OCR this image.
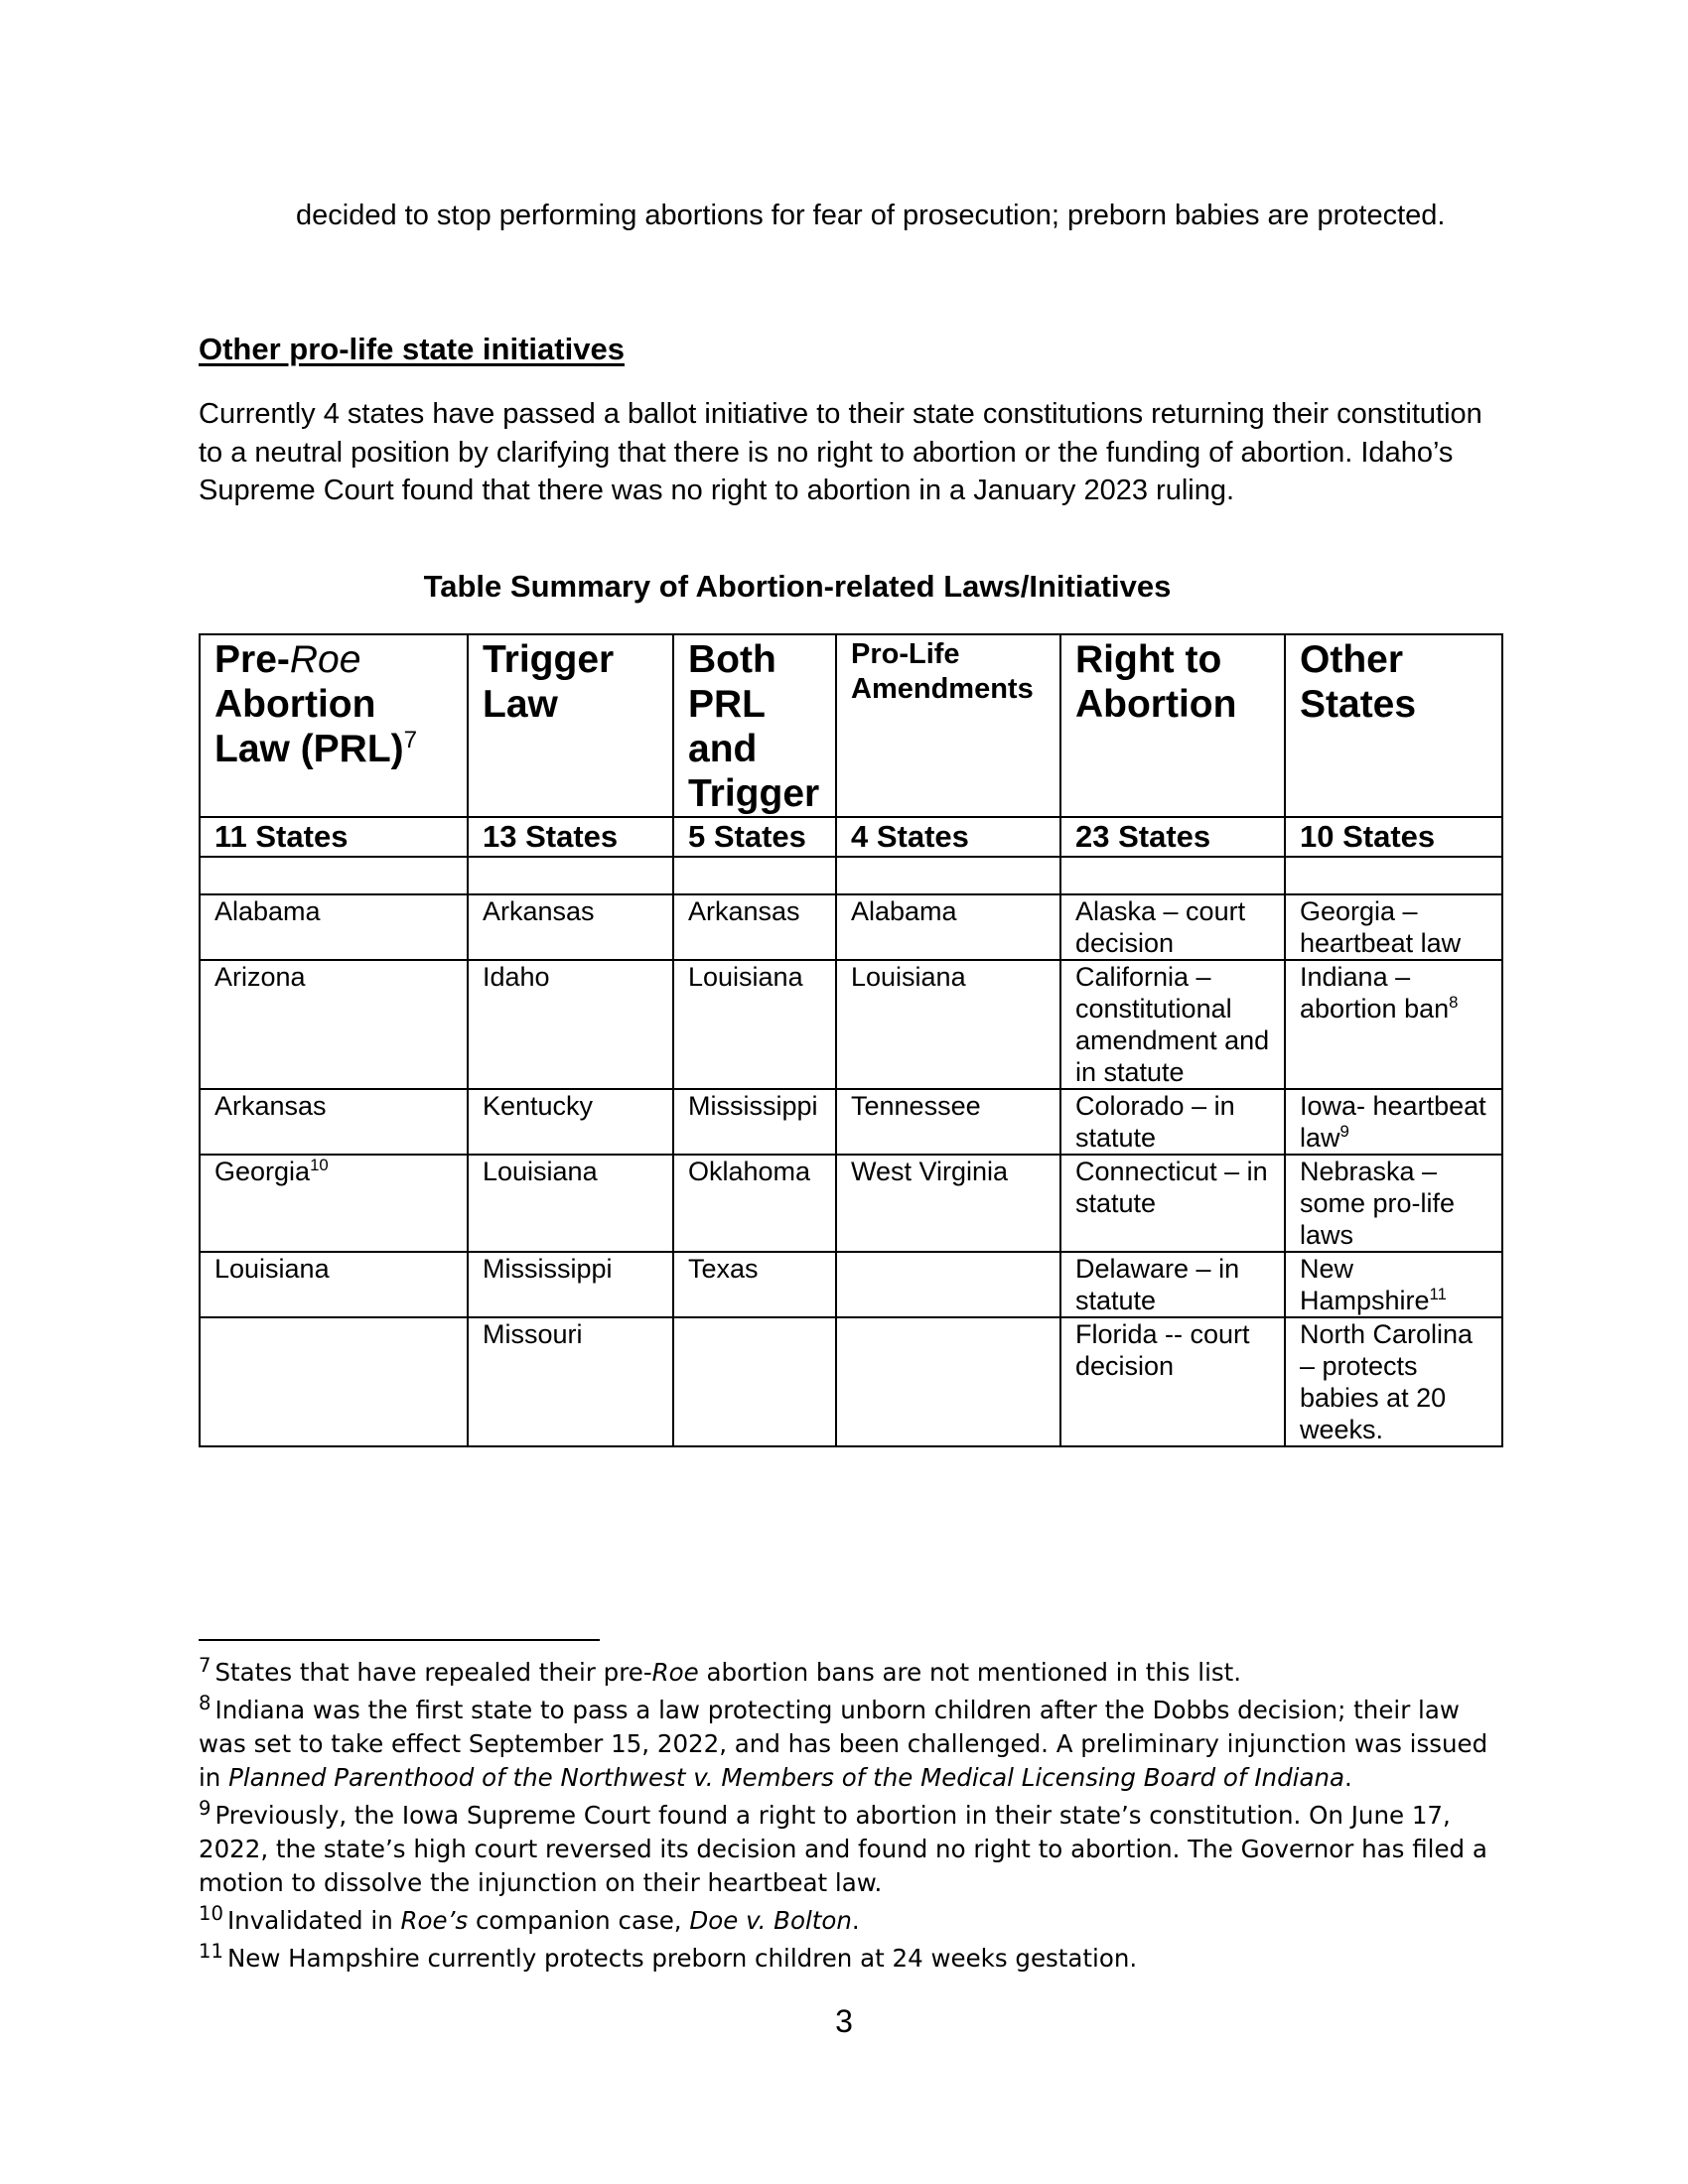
decided to stop performing abortions for fear of prosecution; preborn babies are protected.
Other pro-life state initiatives
Currently 4 states have passed a ballot initiative to their state constitutions returning their constitution to a neutral position by clarifying that there is no right to abortion or the funding of abortion. Idaho’s Supreme Court found that there was no right to abortion in a January 2023 ruling.
Table Summary of Abortion-related Laws/Initiatives
Pre-Roe Abortion Law (PRL)$^7$	Trigger Law	Both PRL and Trigger	Pro-Life Amendments	Right to Abortion	Other States

11 States	13 States	5 States	4 States	23 States	10 States

Alabama	Arkansas	Arkansas	Alabama	Alaska – court decision	Georgia – heartbeat law
Arizona	Idaho	Louisiana	Louisiana	California – constitutional amendment and in statute	Indiana – abortion ban$^8$
Arkansas	Kentucky	Mississippi	Tennessee	Colorado – in statute	Iowa- heartbeat law$^9$
Georgia$^{10}$	Louisiana	Oklahoma	West Virginia	Connecticut – in statute	Nebraska – some pro-life laws
Louisiana	Mississippi	Texas		Delaware – in statute	New Hampshire$^{11}$
	Missouri			Florida -- court decision	North Carolina – protects babies at 20 weeks.

$^7$ States that have repealed their pre-Roe abortion bans are not mentioned in this list.

$^8$ Indiana was the first state to pass a law protecting unborn children after the Dobbs decision; their law was set to take effect September 15, 2022, and has been challenged. A preliminary injunction was issued in Planned Parenthood of the Northwest v. Members of the Medical Licensing Board of Indiana.

$^9$ Previously, the Iowa Supreme Court found a right to abortion in their state’s constitution. On June 17, 2022, the state’s high court reversed its decision and found no right to abortion. The Governor has filed a motion to dissolve the injunction on their heartbeat law.

$^{10}$ Invalidated in Roe’s companion case, Doe v. Bolton.

$^{11}$ New Hampshire currently protects preborn children at 24 weeks gestation.

3
